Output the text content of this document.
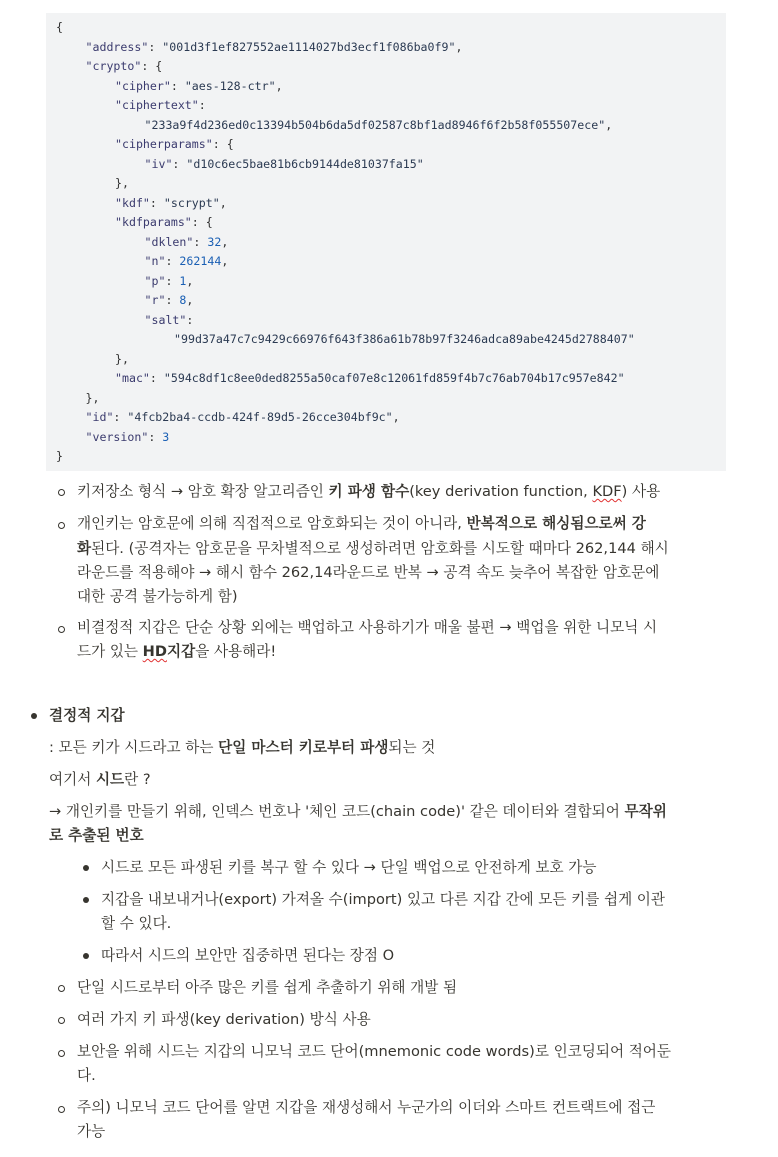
{
"address": "001d3f1ef827552ae1114027bd3ecf1f086ba0f9",
"crypto": {
"cipher": "aes-128-ctr",
"ciphertext":
"233a9f4d236ed0c13394b504b6da5df02587c8bf1ad8946f6f2b58f055507ece",
"cipherparams": {
"iv": "d10c6ec5bae81b6cb9144de81037fa15"
},
"kdf": "scrypt",
"kdfparams": {
"dklen": 32,
"n": 262144,
"p": 1,
"r": 8,
"salt":
"99d37a47c7c9429c66976f643f386a61b78b97f3246adca89abe4245d2788407"
},
"mac": "594c8df1c8ee0ded8255a50caf07e8c12061fd859f4b7c76ab704b17c957e842"
},
"id": "4fcb2ba4-ccdb-424f-89d5-26cce304bf9c",
"version": 3
}
키저장소 형식 → 암호 확장 알고리즘인 키 파생 함수(key derivation function, KDF) 사용
개인키는 암호문에 의해 직접적으로 암호화되는 것이 아니라, 반복적으로 해싱됨으로써 강
화된다. (공격자는 암호문을 무차별적으로 생성하려면 암호화를 시도할 때마다 262,144 해시
라운드를 적용해야 → 해시 함수 262,14라운드로 반복 → 공격 속도 늦추어 복잡한 암호문에
대한 공격 불가능하게 함)
비결정적 지갑은 단순 상황 외에는 백업하고 사용하기가 매울 불편 → 백업을 위한 니모닉 시
드가 있는 HD지갑을 사용해라!
결정적 지갑
: 모든 키가 시드라고 하는 단일 마스터 키로부터 파생되는 것
여기서 시드란 ?
→ 개인키를 만들기 위해, 인덱스 번호나 '체인 코드(chain code)' 같은 데이터와 결합되어 무작위
로 추출된 번호
시드로 모든 파생된 키를 복구 할 수 있다 → 단일 백업으로 안전하게 보호 가능
지갑을 내보내거나(export) 가져올 수(import) 있고 다른 지갑 간에 모든 키를 쉽게 이관
할 수 있다.
따라서 시드의 보안만 집중하면 된다는 장점 O
단일 시드로부터 아주 많은 키를 쉽게 추출하기 위해 개발 됨
여러 가지 키 파생(key derivation) 방식 사용
보안을 위해 시드는 지갑의 니모닉 코드 단어(mnemonic code words)로 인코딩되어 적어둔
다.
주의) 니모닉 코드 단어를 알면 지갑을 재생성해서 누군가의 이더와 스마트 컨트랙트에 접근
가능
